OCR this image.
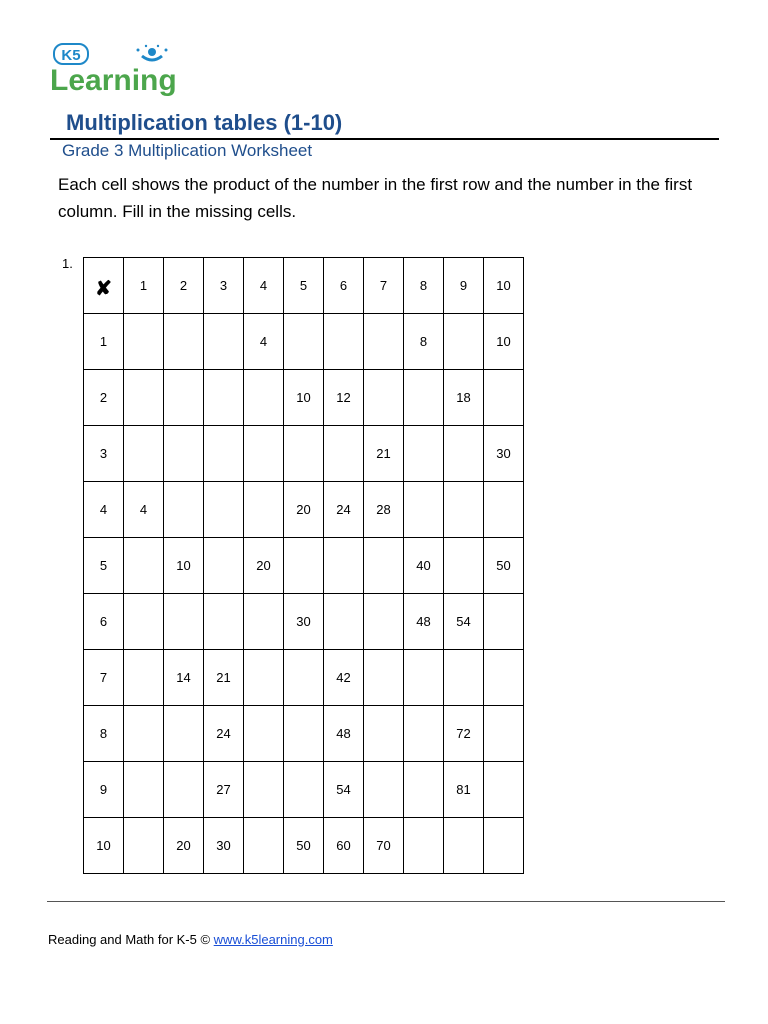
K5
Learning
Multiplication tables (1-10)
Grade 3 Multiplication Worksheet
Each cell shows the product of the number in the first row and the number in the first column. Fill in the missing cells.
1.
✘	1	2	3	4	5	6	7	8	9	10
1				4				8		10
2					10	12			18	
3							21			30
4	4				20	24	28			
5		10		20				40		50
6					30			48	54	
7		14	21			42				
8			24			48			72	
9			27			54			81	
10		20	30		50	60	70			
Reading and Math for K-5 © www.k5learning.com
